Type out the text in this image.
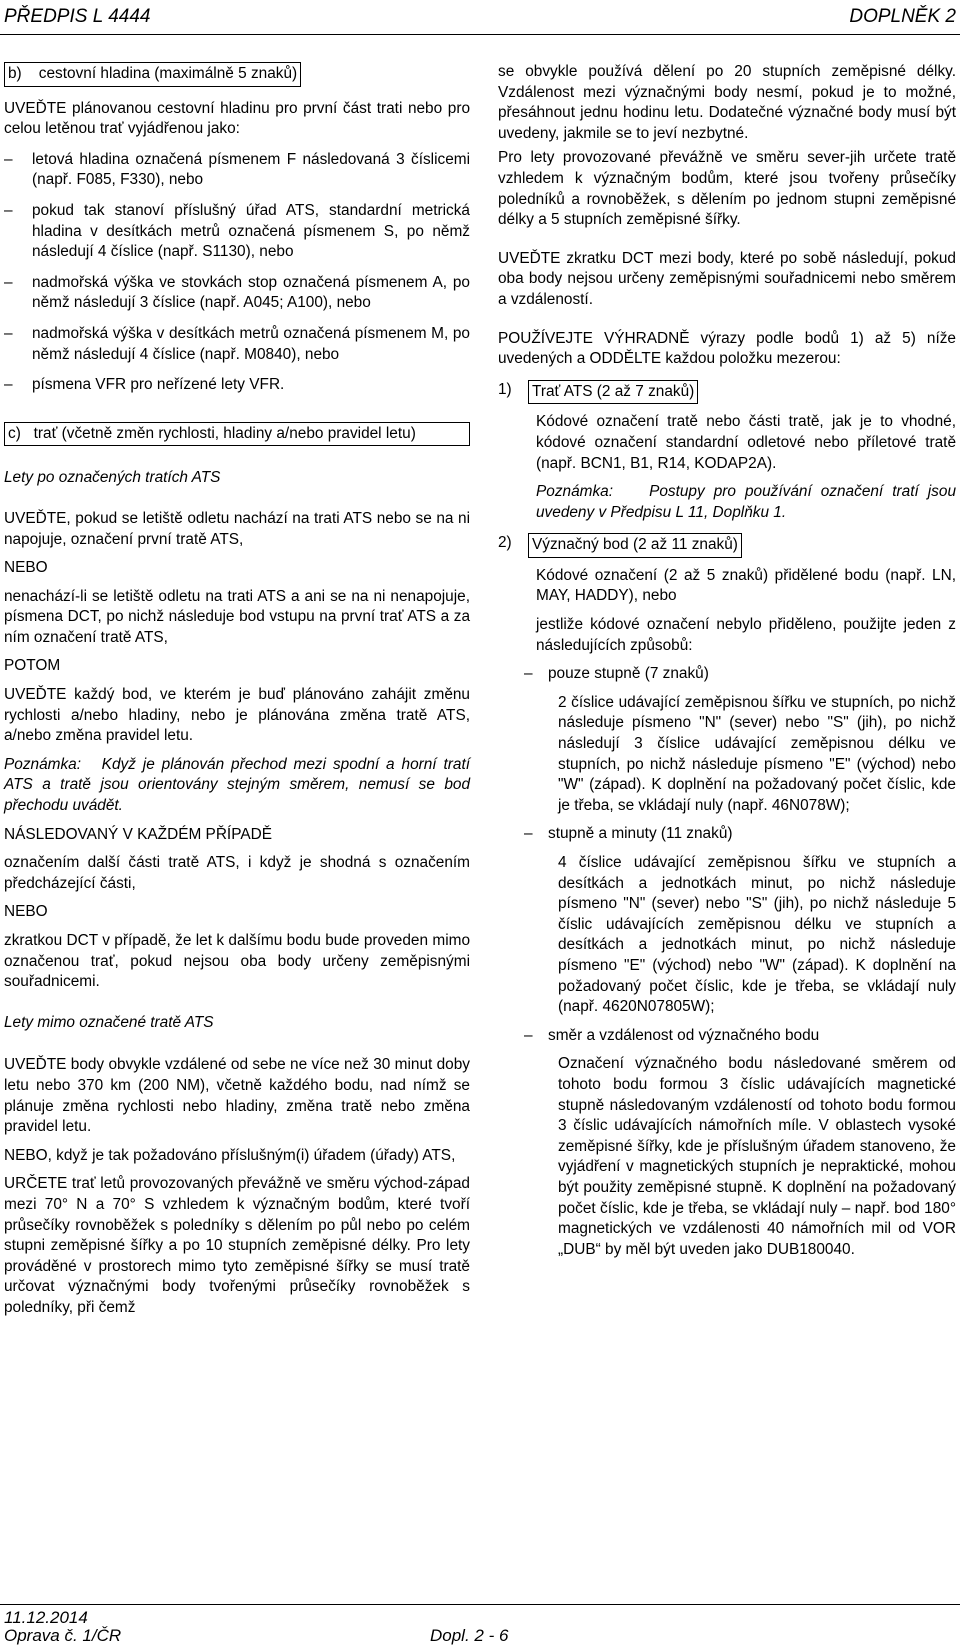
PŘEDPIS L 4444	DOPLNĚK 2

b)    cestovní hladina (maximálně 5 znaků)

UVEĎTE plánovanou cestovní hladinu pro první část trati nebo pro celou letěnou trať vyjádřenou jako:

–	letová hladina označená písmenem F následovaná 3 číslicemi (např. F085, F330), nebo
–	pokud tak stanoví příslušný úřad ATS, standardní metrická hladina v desítkách metrů označená písmenem S, po němž následují 4 číslice (např. S1130), nebo
–	nadmořská výška ve stovkách stop označená písmenem A, po němž následují 3 číslice (např. A045; A100), nebo
–	nadmořská výška v desítkách metrů označená písmenem M, po němž následují 4 číslice (např. M0840), nebo
–	písmena VFR pro neřízené lety VFR.

c)   trať (včetně změn rychlosti, hladiny a/nebo pravidel letu)

Lety po označených tratích ATS

UVEĎTE, pokud se letiště odletu nachází na trati ATS nebo se na ni napojuje, označení první tratě ATS,

NEBO

nenachází-li se letiště odletu na trati ATS a ani se na ni nenapojuje, písmena DCT, po nichž následuje bod vstupu na první trať ATS a za ním označení tratě ATS,

POTOM

UVEĎTE každý bod, ve kterém je buď plánováno zahájit změnu rychlosti a/nebo hladiny, nebo je plánována změna tratě ATS, a/nebo změna pravidel letu.

Poznámka:   Když je plánován přechod mezi spodní a horní tratí ATS a tratě jsou orientovány stejným směrem, nemusí se bod přechodu uvádět.

NÁSLEDOVANÝ V KAŽDÉM PŘÍPADĚ

označením další části tratě ATS, i když je shodná s označením předcházející části,

NEBO

zkratkou DCT v případě, že let k dalšímu bodu bude proveden mimo označenou trať, pokud nejsou oba body určeny zeměpisnými souřadnicemi.

Lety mimo označené tratě ATS

UVEĎTE body obvykle vzdálené od sebe ne více než 30 minut doby letu nebo 370 km (200 NM), včetně každého bodu, nad nímž se plánuje změna rychlosti nebo hladiny, změna tratě nebo změna pravidel letu.

NEBO, když je tak požadováno příslušným(i) úřadem (úřady) ATS,

URČETE trať letů provozovaných převážně ve směru východ-západ mezi 70° N a 70° S vzhledem k význačným bodům, které tvoří průsečíky rovnoběžek s poledníky s dělením po půl nebo po celém stupni zeměpisné šířky a po 10 stupních zeměpisné délky. Pro lety prováděné v prostorech mimo tyto zeměpisné šířky se musí tratě určovat význačnými body tvořenými průsečíky rovnoběžek s poledníky, při čemž

se obvykle používá dělení po 20 stupních zeměpisné délky. Vzdálenost mezi význačnými body nesmí, pokud je to možné, přesáhnout jednu hodinu letu. Dodatečné význačné body musí být uvedeny, jakmile se to jeví nezbytné.

Pro lety provozované převážně ve směru sever-jih určete tratě vzhledem k význačným bodům, které jsou tvořeny průsečíky poledníků a rovnoběžek, s dělením po jednom stupni zeměpisné délky a 5 stupních zeměpisné šířky.

UVEĎTE zkratku DCT mezi body, které po sobě následují, pokud oba body nejsou určeny zeměpisnými souřadnicemi nebo směrem a vzdáleností.

POUŽÍVEJTE VÝHRADNĚ výrazy podle bodů 1) až 5) níže uvedených a ODDĚLTE každou položku mezerou:

1) Trať ATS (2 až 7 znaků)

Kódové označení tratě nebo části tratě, jak je to vhodné, kódové označení standardní odletové nebo příletové tratě (např. BCN1, B1, R14, KODAP2A).

Poznámka:    Postupy pro používání označení tratí jsou uvedeny v Předpisu L 11, Doplňku 1.

2) Význačný bod (2 až 11 znaků)

Kódové označení (2 až 5 znaků) přidělené bodu (např. LN, MAY, HADDY), nebo

jestliže kódové označení nebylo přiděleno, použijte jeden z následujících způsobů:

– pouze stupně (7 znaků)

2 číslice udávající zeměpisnou šířku ve stupních, po nichž následuje písmeno "N" (sever) nebo "S" (jih), po nichž následují 3 číslice udávající zeměpisnou délku ve stupních, po nichž následuje písmeno "E" (východ) nebo "W" (západ). K doplnění na požadovaný počet číslic, kde je třeba, se vkládají nuly (např. 46N078W);

– stupně a minuty (11 znaků)

4 číslice udávající zeměpisnou šířku ve stupních a desítkách a jednotkách minut, po nichž následuje písmeno "N" (sever) nebo "S" (jih), po nichž následuje 5 číslic udávajících zeměpisnou délku ve stupních a desítkách a jednotkách minut, po nichž následuje písmeno "E" (východ) nebo "W" (západ). K doplnění na požadovaný počet číslic, kde je třeba, se vkládají nuly (např. 4620N07805W);

– směr a vzdálenost od význačného bodu

Označení význačného bodu následované směrem od tohoto bodu formou 3 číslic udávajících magnetické stupně následovaným vzdáleností od tohoto bodu formou 3 číslic udávajících námořních míle. V oblastech vysoké zeměpisné šířky, kde je příslušným úřadem stanoveno, že vyjádření v magnetických stupních je nepraktické, mohou být použity zeměpisné stupně. K doplnění na požadovaný počet číslic, kde je třeba, se vkládají nuly – např. bod 180° magnetických ve vzdálenosti 40 námořních mil od VOR „DUB“ by měl být uveden jako DUB180040.

11.12.2014
Oprava č. 1/ČR	Dopl. 2 - 6
